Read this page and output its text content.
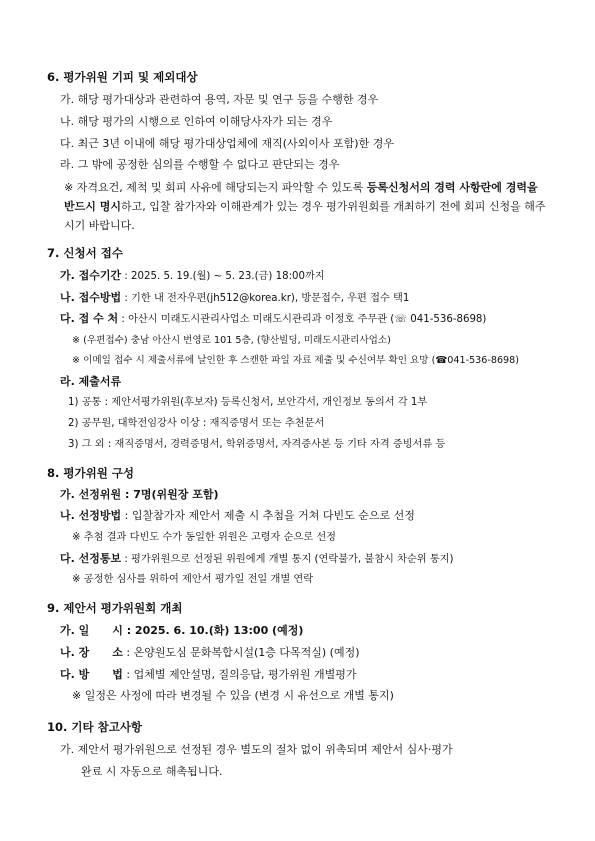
6. 평가위원 기피 및 제외대상
가. 해당 평가대상과 관련하여 용역, 자문 및 연구 등을 수행한 경우
나. 해당 평가의 시행으로 인하여 이해당사자가 되는 경우
다. 최근 3년 이내에 해당 평가대상업체에 재직(사외이사 포함)한 경우
라. 그 밖에 공정한 심의를 수행할 수 없다고 판단되는 경우
※ 자격요건, 제척 및 회피 사유에 해당되는지 파악할 수 있도록 등록신청서의 경력 사항란에 경력을 반드시 명시하고, 입찰 참가자와 이해관계가 있는 경우 평가위원회를 개최하기 전에 회피 신청을 해주시기 바랍니다.
7. 신청서 접수
가. 접수기간 : 2025. 5. 19.(월) ~ 5. 23.(금) 18:00까지
나. 접수방법 : 기한 내 전자우편(jh512@korea.kr), 방문접수, 우편 접수 택1
다. 접 수 처 : 아산시 미래도시관리사업소 미래도시관리과 이정호 주무관 (☏ 041-536-8698)
※ (우편접수) 충남 아산시 번영로 101 5층, (향산빌딩, 미래도시관리사업소)
※ 이메일 접수 시 제출서류에 날인한 후 스캔한 파일 자료 제출 및 수신여부 확인 요망 (☎041-536-8698)
라. 제출서류
1) 공통 : 제안서평가위원(후보자) 등록신청서, 보안각서, 개인정보 동의서 각 1부
2) 공무원, 대학전임강사 이상 : 재직증명서 또는 추천문서
3) 그 외 : 재직증명서, 경력증명서, 학위증명서, 자격증사본 등 기타 자격 증빙서류 등
8. 평가위원 구성
가. 선정위원 : 7명(위원장 포함)
나. 선정방법 : 입찰참가자 제안서 제출 시 추첨을 거쳐 다빈도 순으로 선정
※ 추첨 결과 다빈도 수가 동일한 위원은 고령자 순으로 선정
다. 선정통보 : 평가위원으로 선정된 위원에게 개별 통지 (연락불가, 불참시 차순위 통지)
※ 공정한 심사를 위하여 제안서 평가일 전일 개별 연락
9. 제안서 평가위원회 개최
가. 일      시 : 2025. 6. 10.(화) 13:00 (예정)
나. 장      소 : 온양원도심 문화복합시설(1층 다목적실) (예정)
다. 방      법 : 업체별 제안설명, 질의응답, 평가위원 개별평가
※ 일정은 사정에 따라 변경될 수 있음 (변경 시 유선으로 개별 통지)
10. 기타 참고사항
가. 제안서 평가위원으로 선정된 경우 별도의 절차 없이 위촉되며 제안서 심사·평가
완료 시 자동으로 해촉됩니다.
